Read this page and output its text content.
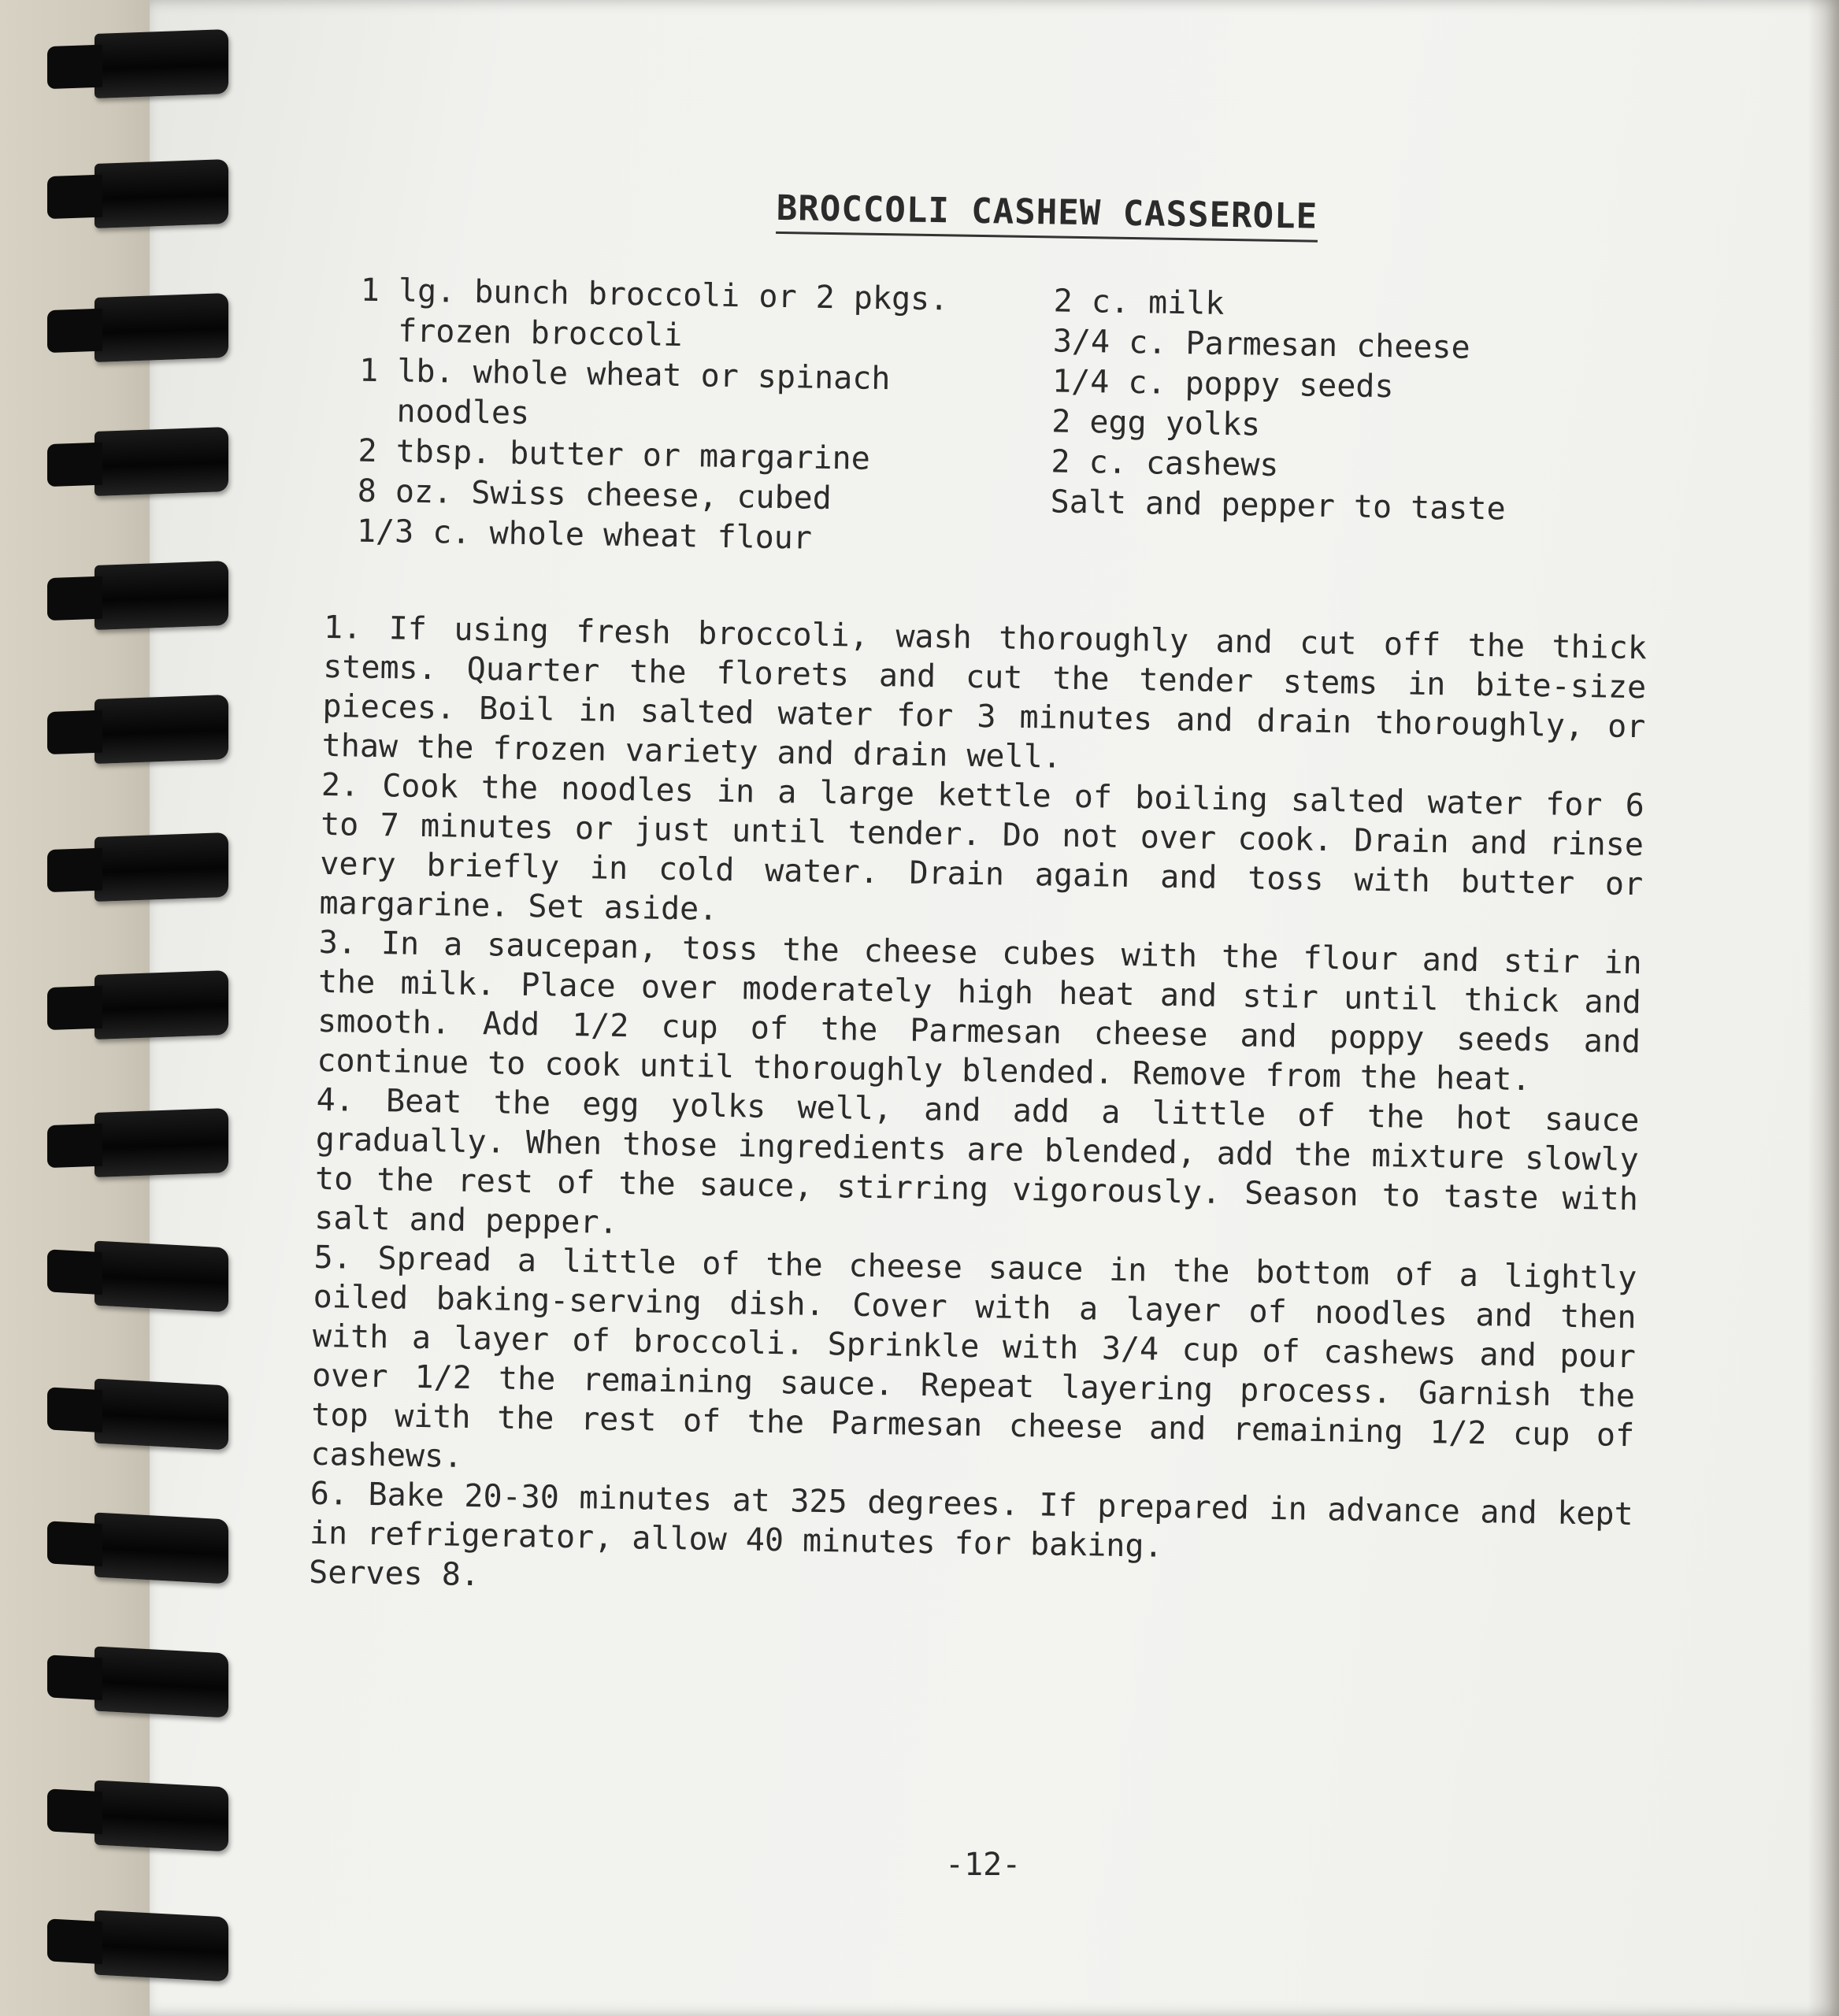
BROCCOLI CASHEW CASSEROLE
1 lg. bunch broccoli or 2 pkgs.
frozen broccoli
1 lb. whole wheat or spinach
noodles
2 tbsp. butter or margarine
8 oz. Swiss cheese, cubed
1/3 c. whole wheat flour
2 c. milk
3/4 c. Parmesan cheese
1/4 c. poppy seeds
2 egg yolks
2 c. cashews
Salt and pepper to taste

1. If using fresh broccoli, wash thoroughly and cut off the thick stems. Quarter the florets and cut the tender stems in bite-size pieces. Boil in salted water for 3 minutes and drain thoroughly, or thaw the frozen variety and drain well.

2. Cook the noodles in a large kettle of boiling salted water for 6 to 7 minutes or just until tender. Do not over cook. Drain and rinse very briefly in cold water. Drain again and toss with butter or margarine. Set aside.

3. In a saucepan, toss the cheese cubes with the flour and stir in the milk. Place over moderately high heat and stir until thick and smooth. Add 1/2 cup of the Parmesan cheese and poppy seeds and continue to cook until thoroughly blended. Remove from the heat.

4. Beat the egg yolks well, and add a little of the hot sauce gradually. When those ingredients are blended, add the mixture slowly to the rest of the sauce, stirring vigorously. Season to taste with salt and pepper.

5. Spread a little of the cheese sauce in the bottom of a lightly oiled baking-serving dish. Cover with a layer of noodles and then with a layer of broccoli. Sprinkle with 3/4 cup of cashews and pour over 1/2 the remaining sauce. Repeat layering process. Garnish the top with the rest of the Parmesan cheese and remaining 1/2 cup of cashews.

6. Bake 20-30 minutes at 325 degrees. If prepared in advance and kept in refrigerator, allow 40 minutes for baking.

Serves 8.

-12-
